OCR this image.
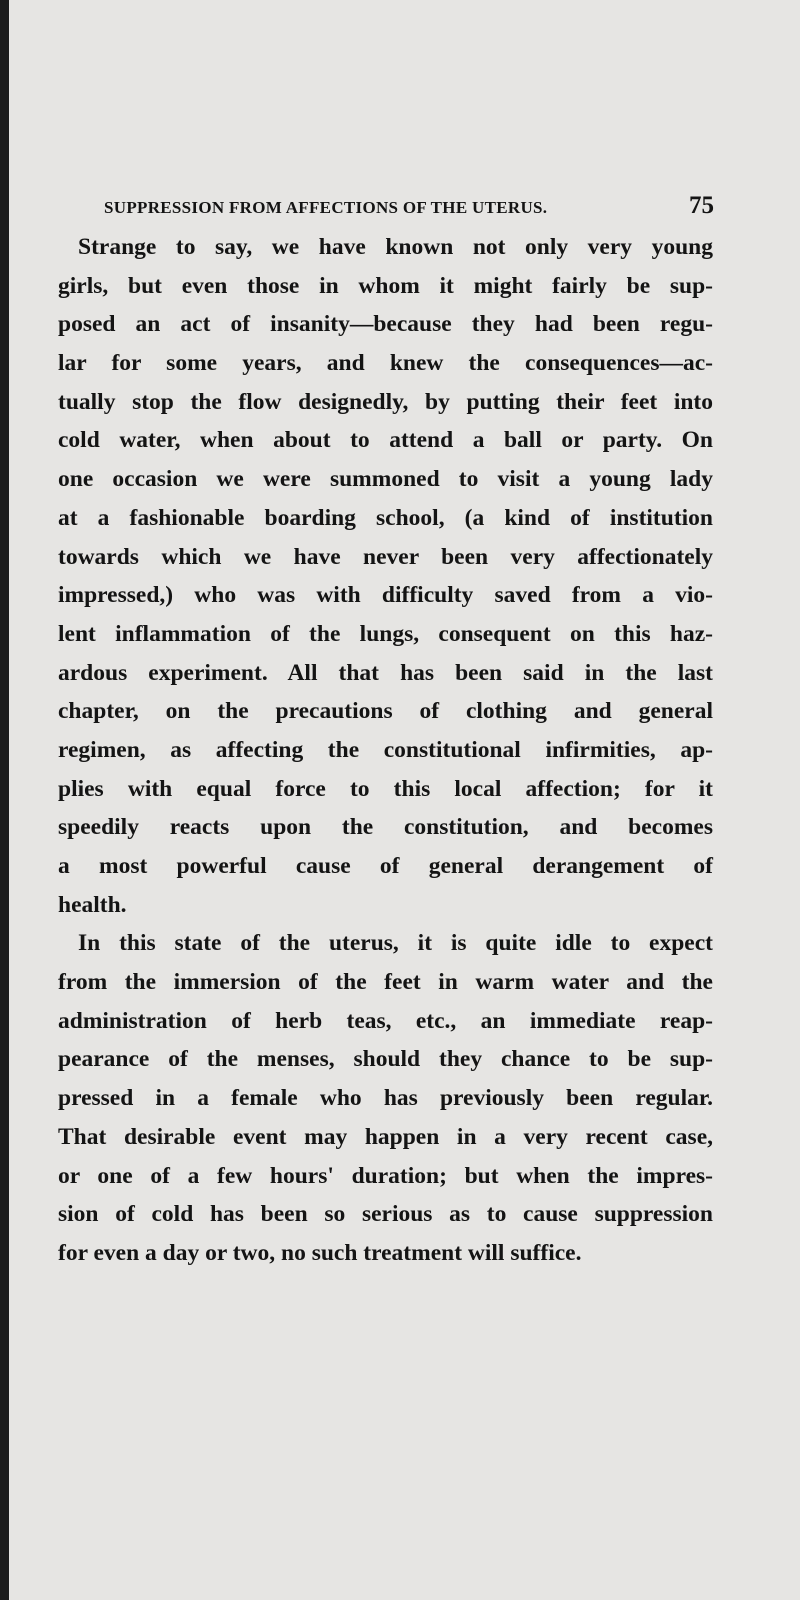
SUPPRESSION FROM AFFECTIONS OF THE UTERUS.	75
Strange to say, we have known not only very young
girls, but even those in whom it might fairly be sup-
posed an act of insanity—because they had been regu-
lar for some years, and knew the consequences—ac-
tually stop the flow designedly, by putting their feet into
cold water, when about to attend a ball or party. On
one occasion we were summoned to visit a young lady
at a fashionable boarding school, (a kind of institution
towards which we have never been very affectionately
impressed,) who was with difficulty saved from a vio-
lent inflammation of the lungs, consequent on this haz-
ardous experiment. All that has been said in the last
chapter, on the precautions of clothing and general
regimen, as affecting the constitutional infirmities, ap-
plies with equal force to this local affection; for it
speedily reacts upon the constitution, and becomes
a most powerful cause of general derangement of
health.
In this state of the uterus, it is quite idle to expect
from the immersion of the feet in warm water and the
administration of herb teas, etc., an immediate reap-
pearance of the menses, should they chance to be sup-
pressed in a female who has previously been regular.
That desirable event may happen in a very recent case,
or one of a few hours' duration; but when the impres-
sion of cold has been so serious as to cause suppression
for even a day or two, no such treatment will suffice.
